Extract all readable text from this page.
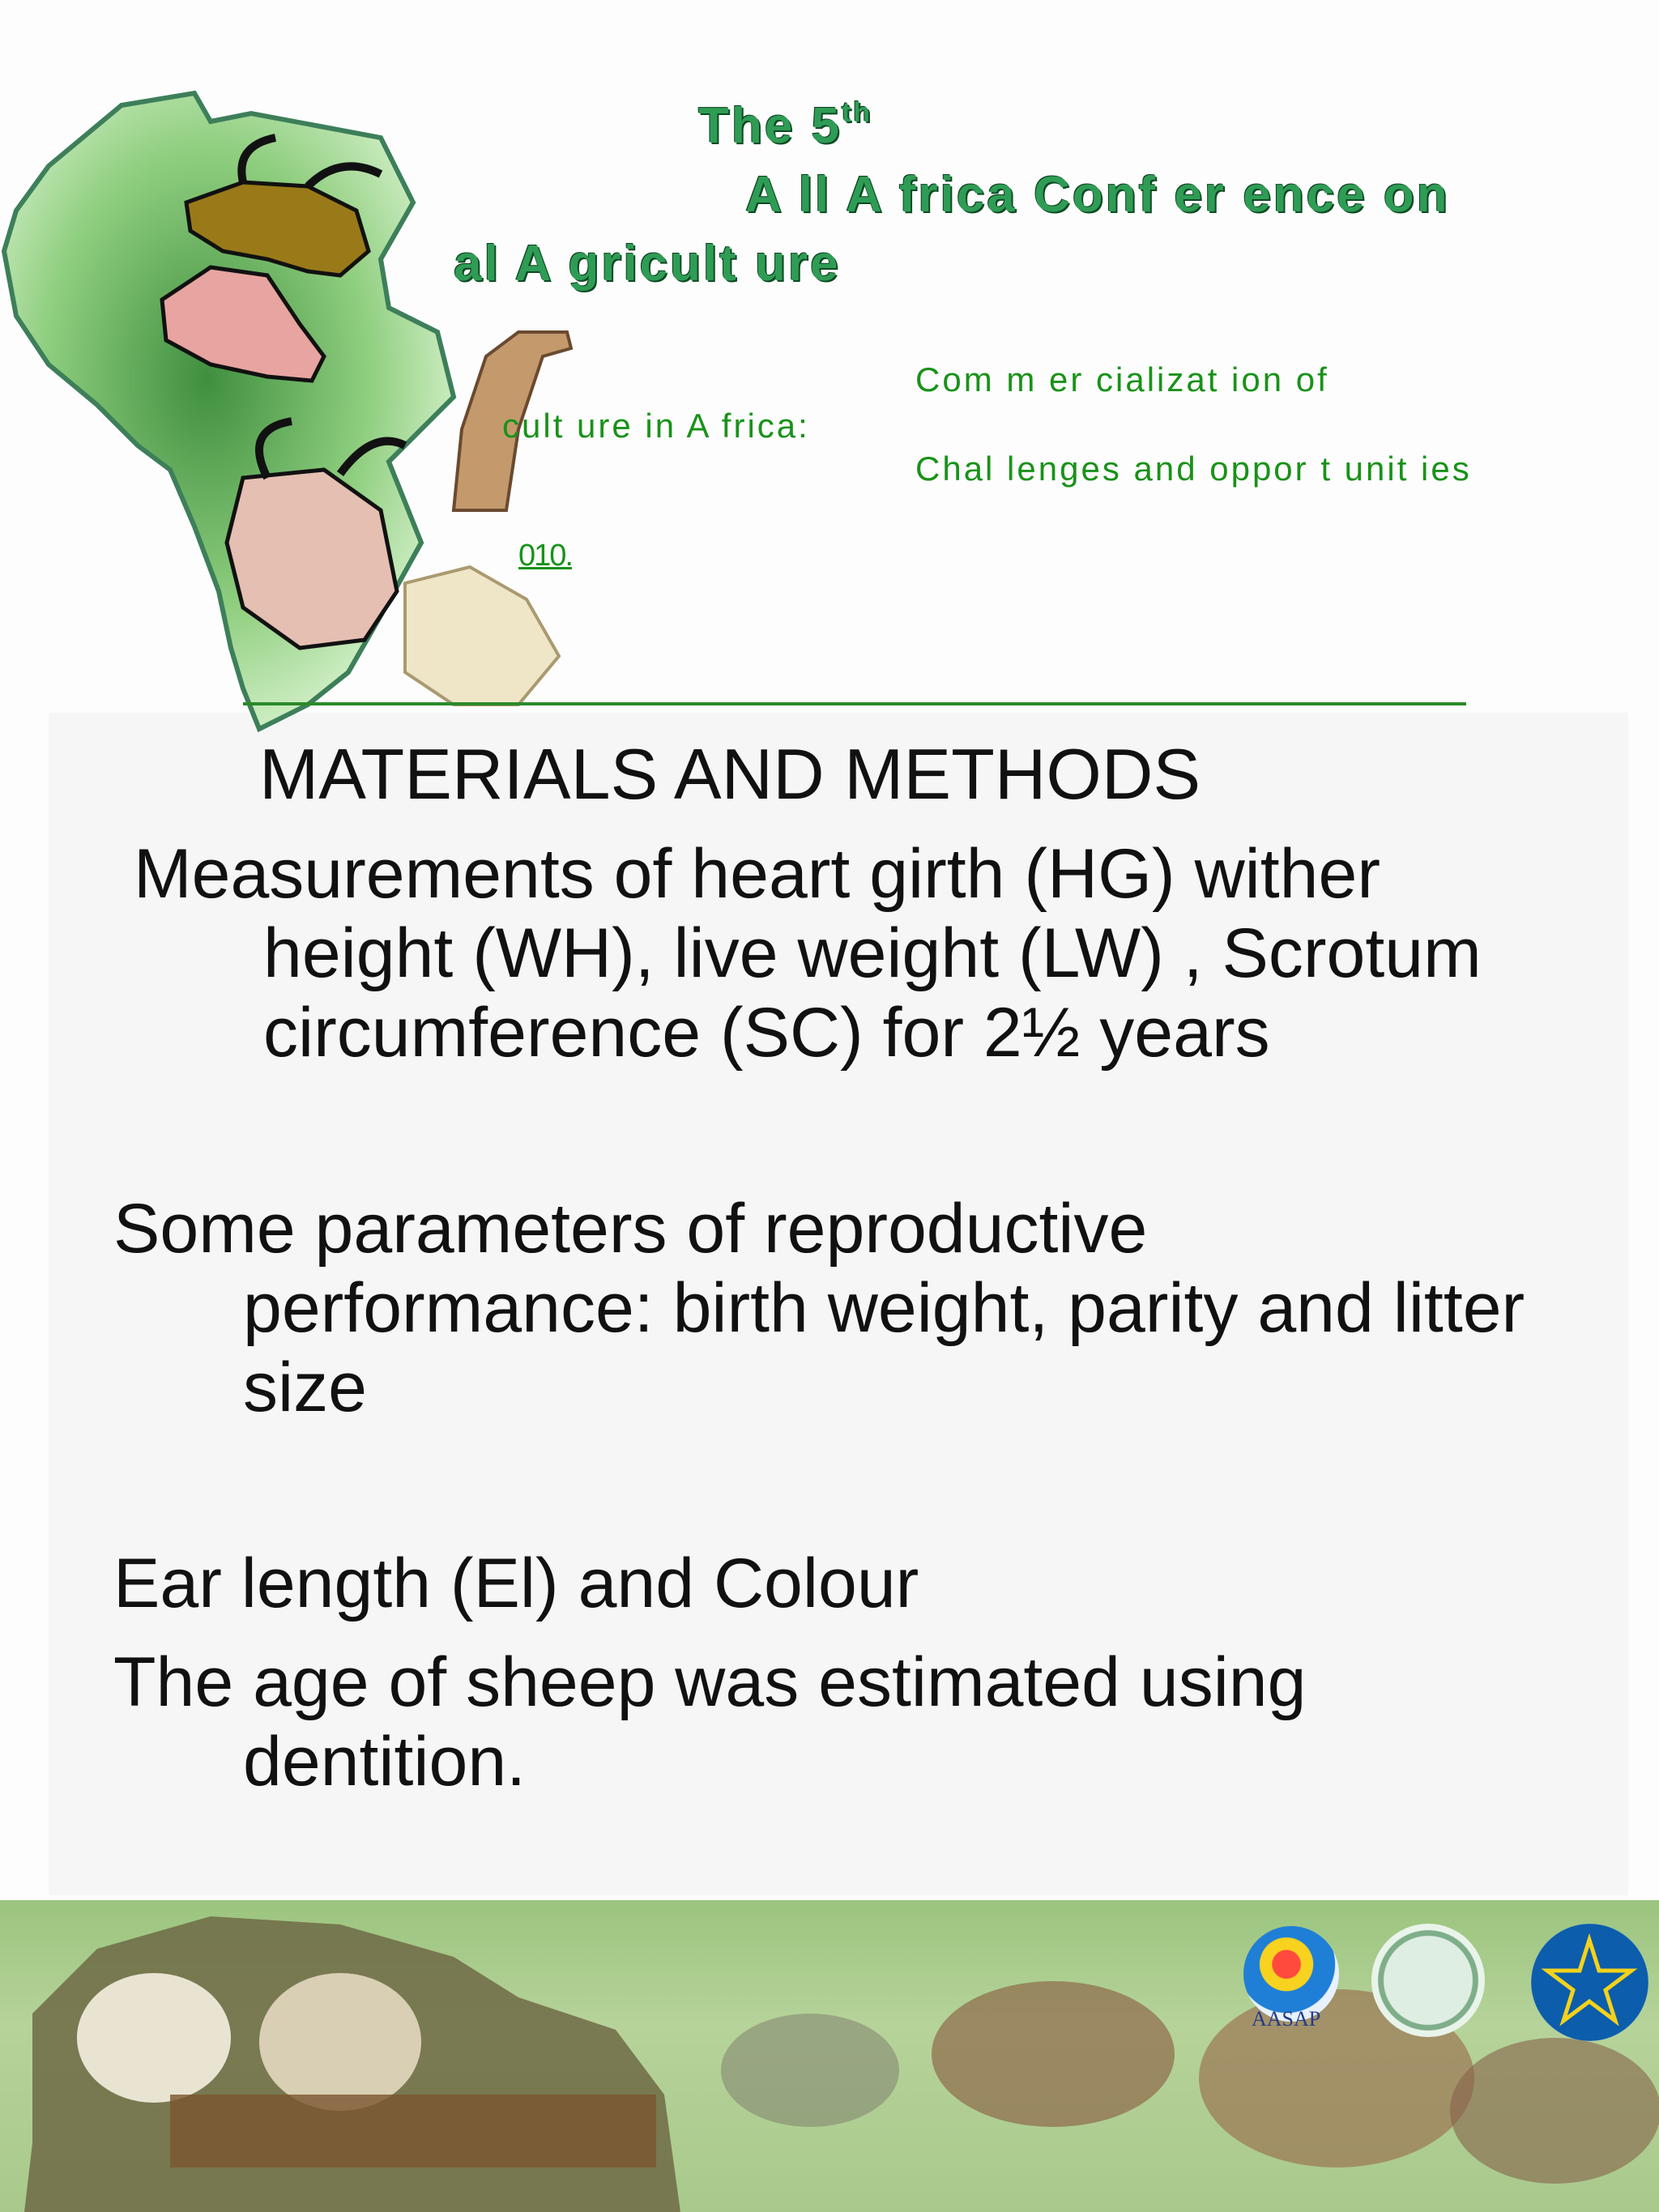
The 5th
A ll A frica Conf er ence on
al A gricult ure
Com m er cializat ion of
cult ure in A frica:
Chal lenges and oppor t unit ies
010.
MATERIALS AND METHODS
Measurements of heart girth (HG) wither
height (WH), live weight (LW) , Scrotum circumference (SC) for 2½ years
Some parameters of reproductive
performance: birth weight, parity and litter size
Ear length (El) and Colour
The age of sheep was estimated using
dentition.
AASAP
